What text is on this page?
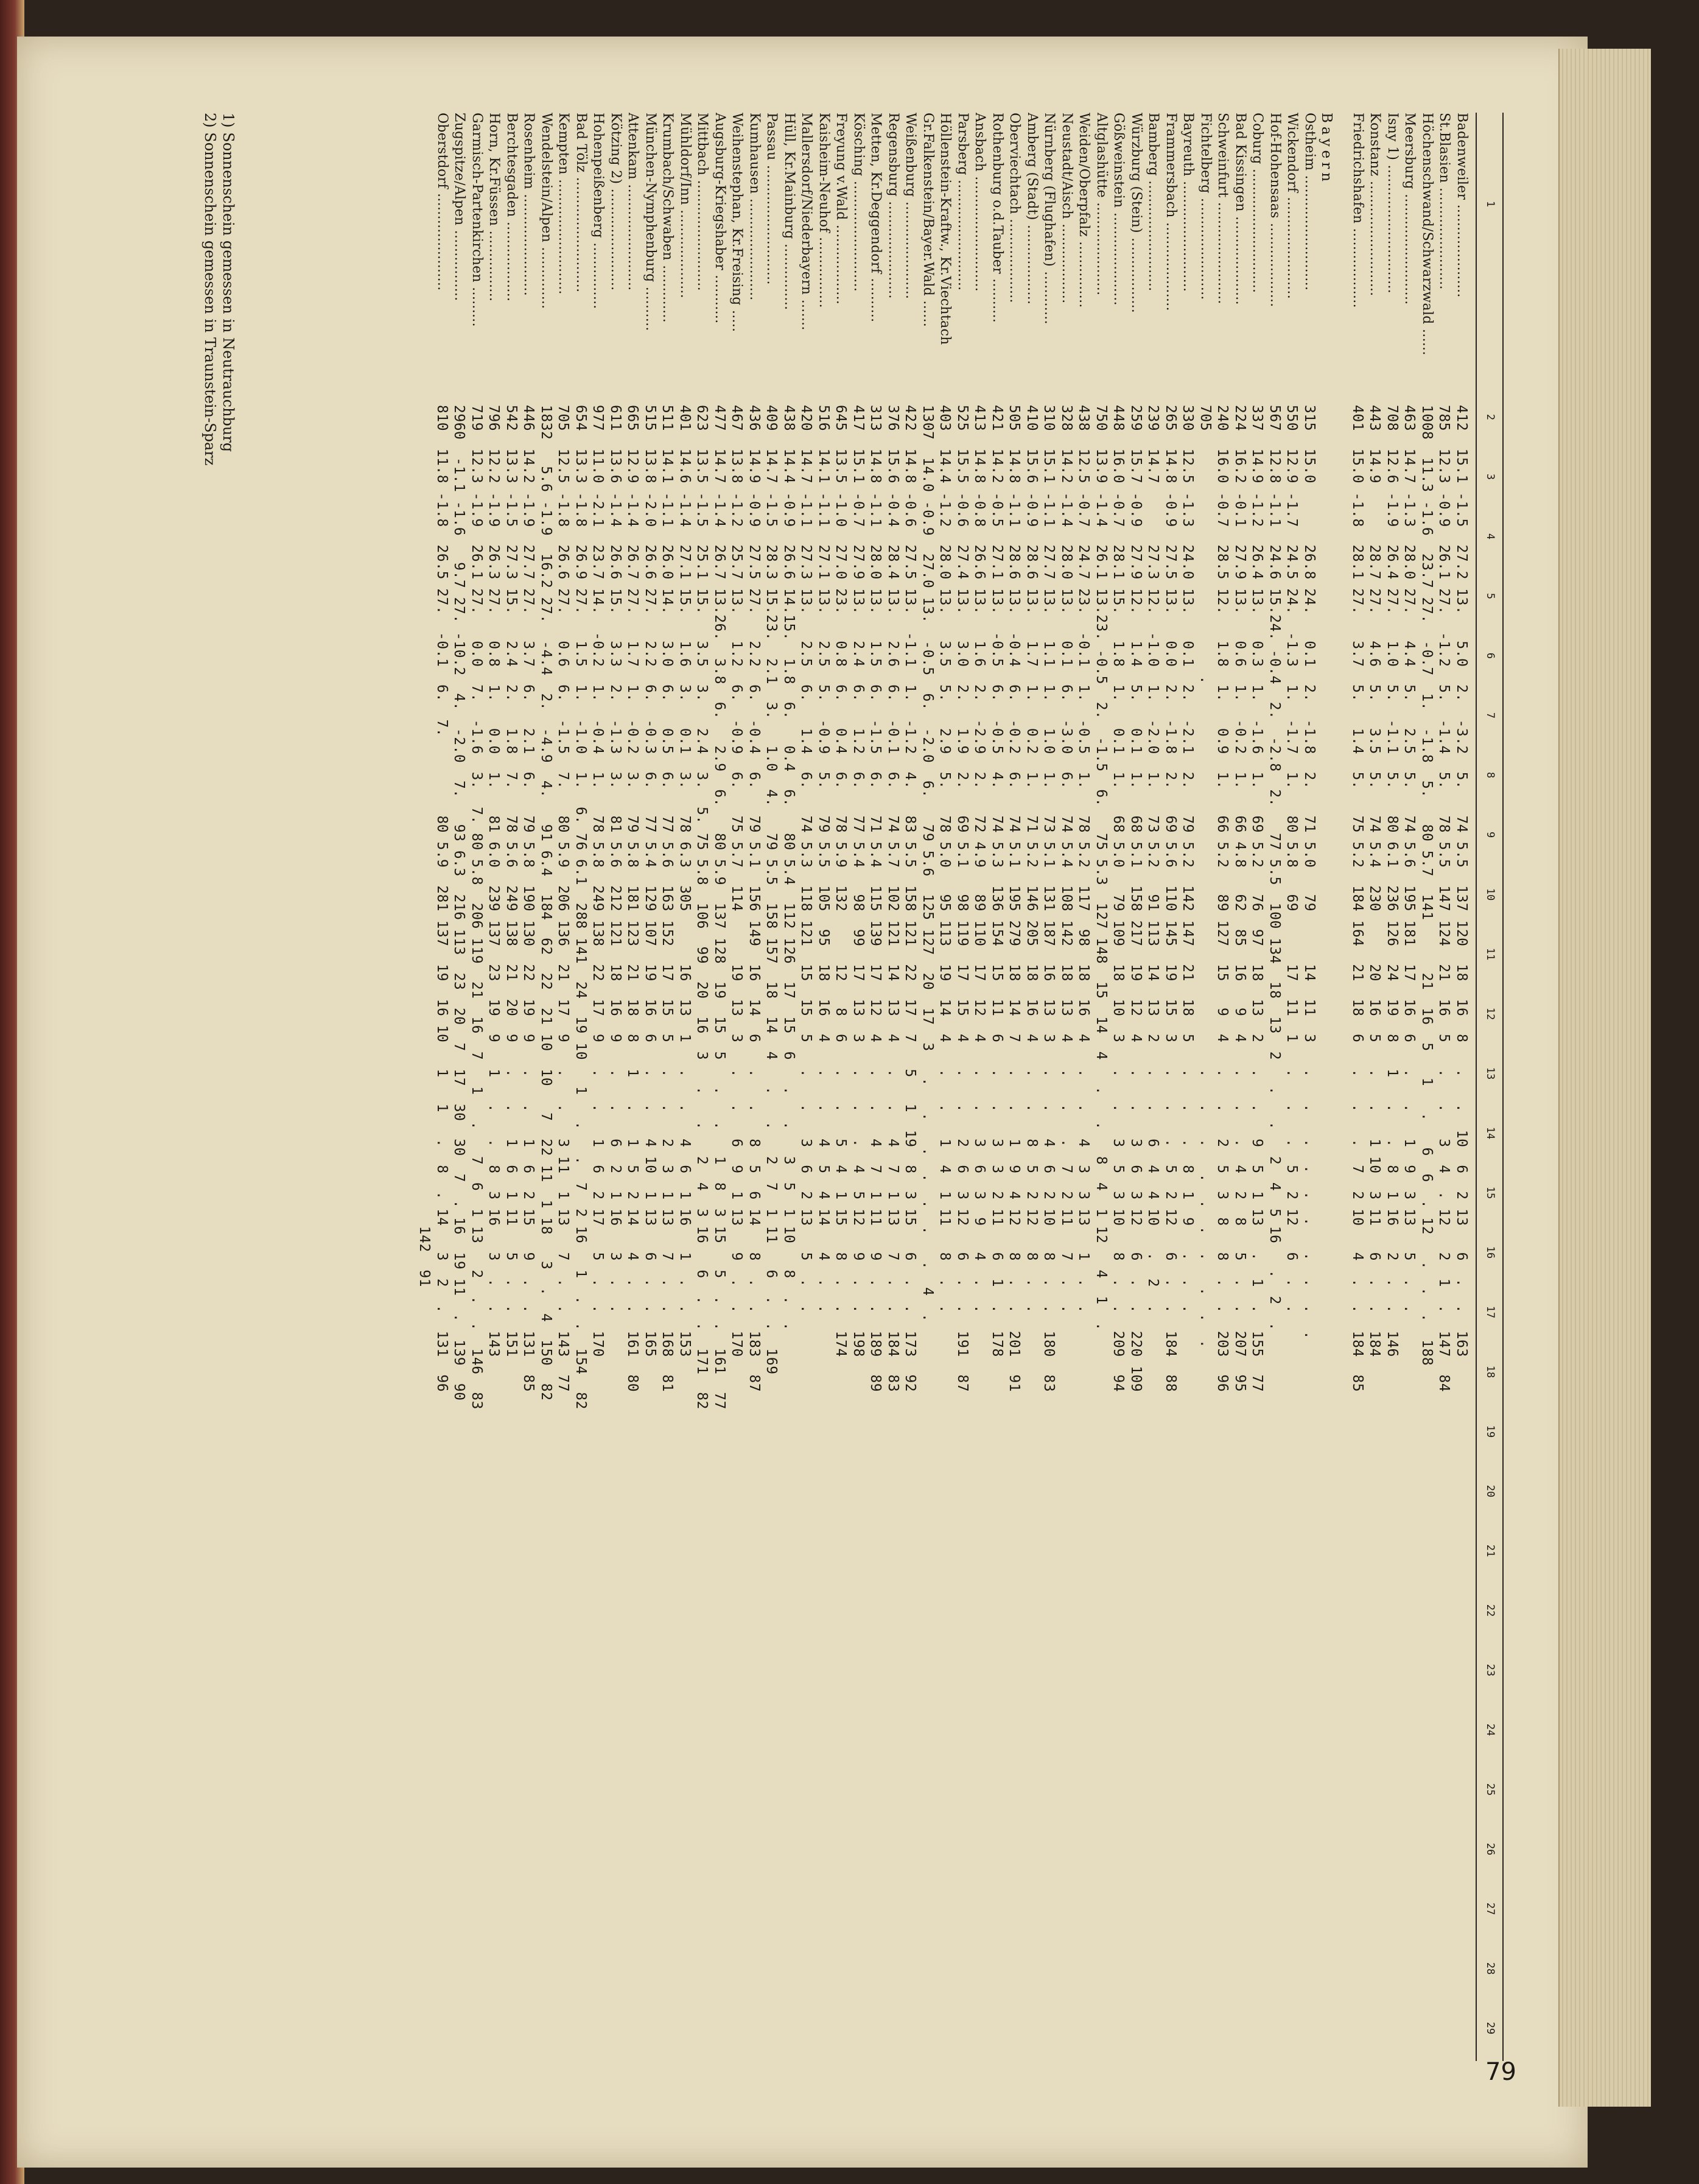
1
2
3
4
5
6
7
8
9
10
11
12
13
14
15
16
17
18
19
20
21
22
23
24
25
26
27
28
29
Badenweiler .....................
412  15.1 -1.5  27.2 13.   5.0  2.  -3.2  5.   74 5.5  137 120  18  16  8   .   .  10  6  2 13   6  .  .  163
St.Blasien .......................
785  12.3 -0.9  26.1 27.  -1.2  5.  -1.4  5.   78 5.5  147 124  21  16  5   .   .   3  4  . 12   2  1  .  147  84
Höchenschwand/Schwarzwald ......
1008  11.3 -1.6  23.7 27.  -0.7  1.  -1.8  5.   80 5.7  141      21  16  5   1   .   6  6  . 12   .  .  .  188
Meersburg .........................
463  14.7 -1.3  28.0 27.   4.4  5.   2.5  5.   74 5.6  195 181  17  16  6   .   .   1  9  3 13   5  .  .
Isny 1) .............................
708  12.6 -1.9  26.4 27.   1.0  5.  -1.1  5.   80 6.1  236 126  24  19  8   1   .   .  8  1 16   2  .  .  146
Konstanz ..........................
443  14.9       28.7 27.   4.6  5.   3.5  5.   74 5.4  230      20  16  5   .   .   1 10  3 11   6  .  .  184
Friedrichshafen ..................
401  15.0 -1.8  28.1 27.   3.7  5.   1.4  5.   75 5.2  184 164  21  18  6   .   .   .  7  2 10   4  .  .  184  85
Bayern
Ostheim ..........................
315  15.0       26.8 24.   0.1  2.  -1.8  2.   71 5.0   79      14  11  3   .   .   .  .  .  .   .  .  .  .
Wickendorf .......................
550  12.9 -1.7  24.5 24.  -1.3  1.  -1.7  1.   80 5.8   69      17  11  1   .   .   .  5  2 12   6  .  .
Hof-Hohensaas ...................
567  12.8 -1.1  24.6 15.24. -0.4  2.  -2.8  2.   77 5.5  100 134  18  13  2   .   .   2  4  5 16   .  2  .
Coburg ............................
337  14.9 -1.2  26.4 13.   0.3  1.  -1.6  1.   69 5.2   76  97  18  13  2   .   .   9  5  1 13   .  1  .  155  77
Bad Kissingen ....................
224  16.2 -0.1  27.9 13.   0.6  1.  -0.2  1.   66 4.8   62  85  16   9  4   .   .   .  4  2  8   5  .  .  207  95
Schweinfurt .......................
240  16.0 -0.7  28.5 12.   1.8  1.   0.9  1.   66 5.2   89 127  15   9  4   .   .   2  5  3  8   8  .  .  203  96
Fichtelberg .......................
705                            .                                            .   .   .   .  .  .  .   .  .  .
Bayreuth .........................
330  12.5 -1.3  24.0 13.   0.1  2.  -2.1  2.   79 5.2  142 147  21  18  5   .   .   .  8  1  9   .  .  .
Frammersbach ....................
265  14.8 -0.9  27.5 13.   0.0  2.  -1.8  2.   69 5.6  110 145  19  15  3   .   .   .  5  2 12   6  .  .  184  88
Bamberg .........................
239  14.7       27.3 12.  -1.0  1.  -2.0  1.   73 5.2   91 113  14  13  2   .   .   6  4  4 10   .  2  .
Würzburg (Stein) .................
259  15.7 -0.9  27.9 12.   1.4  5.   0.1  1.   68 5.1  158 217  19  12  4   .   .   3  6  3 12   6  .  .  220 109
Gößweinstein .....................
448  16.0 -0.7  28.1 15.   1.8  1.   0.1  1.   68 5.0   79 109  18  10  3   .   .   3  5  3 10   8  .  .  209  94
Altglashütte .....................
750  13.9 -1.4  26.1 13.23. -0.5  2.  -1.5  6.   75 5.3  127 148  15  14  4   .   .   8  4  1 12   4  1  .
Weiden/Oberpfalz ...............
438  12.5 -0.7  24.7 23.  -0.1  1.  -0.5  1.   78 5.2  117  98  18  16  4   .   .   4  3  3 13   1  .  .
Neustadt/Aisch ..................
328  14.2 -1.4  28.0 13.   0.1  6.  -3.0  6.   74 5.4  108 142  18  13  4   .   .   .  7  2 11   7  .  .
Nürnberg (Flughafen) ............
310  15.1 -1.1  27.7 13.   1.1  1.   1.0  1.   73 5.1  131 187  16  13  3   .   .   4  6  2 10   8  .  .  180  83
Amberg (Stadt) ..................
410  15.6 -0.9  28.6 13.   1.7  1.   0.2  1.   71 5.2  146 205  18  16  4   .   .   8  5  2 12   8  .  .
Oberviechtach ...................
505  14.8 -1.1  28.6 13.  -0.4  6.  -0.2  6.   74 5.1  195 279  18  14  7   .   .   1  9  4 12   8  .  .  201  91
Rothenburg o.d.Tauber ..........
421  14.2 -0.5  27.1 13.  -0.5  6.  -0.5  4.   74 5.3  136 154  15  11  6   .   .   3  3  2 11   6  1  .  178
Ansbach ..........................
413  14.8 -0.8  26.6 13.   1.6  2.  -2.9  2.   72 4.9   89 110  17  12  4   .   .   3  6  3  9   4  .  .
Parsberg .........................
525  15.5 -0.6  27.4 13.   3.0  2.   1.9  2.   69 5.1   98 119  17  15  4   .   .   2  6  3 12   6  .  .  191  87
Höllenstein-Kraftw., Kr.Viechtach
403  14.4 -1.2  28.0 13.   3.5  5.   2.9  5.   78 5.0   95 113  19  14  4   .   .   1  4  1 11   8  .  .
Gr.Falkenstein/Bayer.Wald ......
1307  14.0 -0.9  27.0 13.  -0.5  6.  -2.0  6.   79 5.6  125 127  20  17  3   .   .   .  .  .  .   .  4  .
Weißenburg ......................
422  14.8 -0.6  27.5 13.  -1.1  1.  -1.2  4.   83 5.5  158 121  22  17  7   5   1  19  8  3 15   6  .  .  173  92
Regensburg ......................
376  15.6 -0.4  28.4 13.   2.6  6.  -0.1  6.   74 5.7  102 121  14  13  4   .   .   4  7  1 13   7  .  .  184  83
Metten, Kr.Deggendorf ..........
313  14.8 -1.1  28.0 13.   1.5  6.  -1.5  6.   71 5.4  115 139  17  12  4   .   .   4  7  1 11   9  .  .  189  89
Kösching .........................
417  15.1 -0.7  27.9 13.   2.4  6.   1.2  6.   77 5.4   98  99  17  13  3   .   .   .  4  5 12   9  .  .  198
Freyung v.Wald ..................
645  13.5 -1.0  27.0 23.   0.8  6.   0.4  6.   78 5.9  132      12   8  6   .   .   5  4  1 15   8  .  .  174
Kaisheim-Neuhof ................
516  14.1 -1.1  27.1 13.   2.5  5.  -0.9  5.   79 5.5  105  95  18  16  4   .   .   4  5  4 14   4  .  .
Mallersdorf/Niederbayern .......
420  14.7 -1.1  27.3 13.   2.5  6.   1.4  6.   74 5.3  118 121  15  15  5   .   .   3  6  2 13   5  .  .
Hüll, Kr.Mainburg ...............
438  14.4 -0.9  26.6 14.15.  1.8  6.   0.4  6.   80 5.4  112 126  17  15  6   .   .   3  5  1 10   8  .  .
Passau ...........................
409  14.7 -1.5  28.3 15.23.  2.1  3.   1.0  4.   79 5.5  158 157  18  14  4   .   .   2  7  1 11   6  .  .  169
Kumhausen .......................
436  14.9 -0.9  27.5 27.   2.2  6.  -0.4  6.   79 5.1  156 149  16  14  6   .   .   8  5  6 14   8  .  .  183  87
Weihenstephan, Kr.Freising .....
467  13.8 -1.2  25.7 13.   1.2  6.  -0.9  6.   75 5.7  114      19  13  3   .   .   6  9  1 13   9  .  .  170
Augsburg-Kriegshaber ...........
477  14.7 -1.4  26.7 13.26.  3.8  6.   2.9  6.   80 5.9  137 128  19  15  5   .   .   1  8  3 15   5  .  .  161  77
Mittbach .........................
623  13.5 -1.5  25.1 15.   3.5  3.   2.4  3.  5. 75 5.8  106  99  20  16  3   .   .   2  4  3 16   6  .  .  171  82
Mühldorf/Inn ....................
401  14.6 -1.4  27.1 15.   1.6  3.   0.1  3.   78 6.3  305      16  13  1   .   .   4  6  1 16   1  .  .  153
Krumbach/Schwaben .............
511  14.1 -1.1  26.0 14.   3.0  6.   0.5  6.   77 5.6  163 152  17  15  5   .   .   2  3  1 13   7  .  .  168  81
München-Nymphenburg ..........
515  13.8 -2.0  26.6 27.   2.2  6.  -0.3  6.   77 5.4  129 107  19  16  6   .   .   4 10  1 13   6  .  .  165
Attenkam ........................
665  12.9 -1.4  26.7 27.   1.7  1.  -0.2  3.   79 5.8  181 123  21  18  8   1   .   1  5  2 14   4  .  .  161  80
Kötzing 2) .......................
611  13.6 -1.4  26.6 15.   3.3  2.  -1.3  3.   81 5.6  212 121  18  16  9   .   .   6  2  1 16   3  .  .
Hohenpeißenberg ...............
977  11.0 -2.1  23.7 14.  -0.2  1.  -0.4  1.   78 5.8  249 138  22  17  9   .   .   1  6  2 17   5  .  .  170
Bad Tölz ..........................
654  13.3 -1.8  26.9 27.   1.5  1.  -1.0  1.  6. 76 6.1  288 141  24  19 10   1   .   .  7  2 16   1  .  .  154  82
Kempten ..........................
705  12.5 -1.8  26.6 27.   0.6  6.  -1.5  7.   80 5.9  206 136  21  17  9   .   .   3 11  1 13   7  .  .  143  77
Wendelstein/Alpen ..............
1832   5.6 -1.9  16.2 27.  -4.4  2.  -4.9  4.   91 6.4  184  62  22  21 10  10   7  22 11  1 18   3  .  4  150  82
Rosenheim .......................
446  14.2 -1.9  27.7 27.   3.7  6.   2.1  6.   79 5.8  190 130  22  19  9   .   .   1  6  2 15   9  .  .  131  85
Berchtesgaden ..................
542  13.3 -1.5  27.3 15.   2.4  2.   1.8  7.   78 5.6  249 138  21  20  9   .   .   1  6  1 11   5  .  .  151
Horn, Kr.Füssen ................
796  12.2 -1.9  26.3 27.   0.8  1.   0.0  1.   81 6.0  239 137  23  19  9   1   .   .  8  3 16   3  .  .  143
Garmisch-Partenkirchen .........
719  12.3 -1.9  26.1 27.   0.0  7.  -1.6  3.  7. 80 5.8  206 119  21  16  7   1   .   7  6  1 13   2  .  .  146  83
Zugspitze/Alpen ................
2960  -1.1 -1.6   9.7 27. -10.2  4.  -2.0  7.   93 6.3  216 113  23  20  7  17  30  30  7  . 16  19 11  .  139  90
Oberstdorf ......................
810  11.8 -1.8  26.5 27.  -0.1  6.  7.         80 5.9  281 137  19  16 10   1   1   .  8  . 14   3  2  .  131  96
142  91
1) Sonnenschein gemessen in Neutrauchburg
2) Sonnenschein gemessen in Traunstein-Sparz
79
